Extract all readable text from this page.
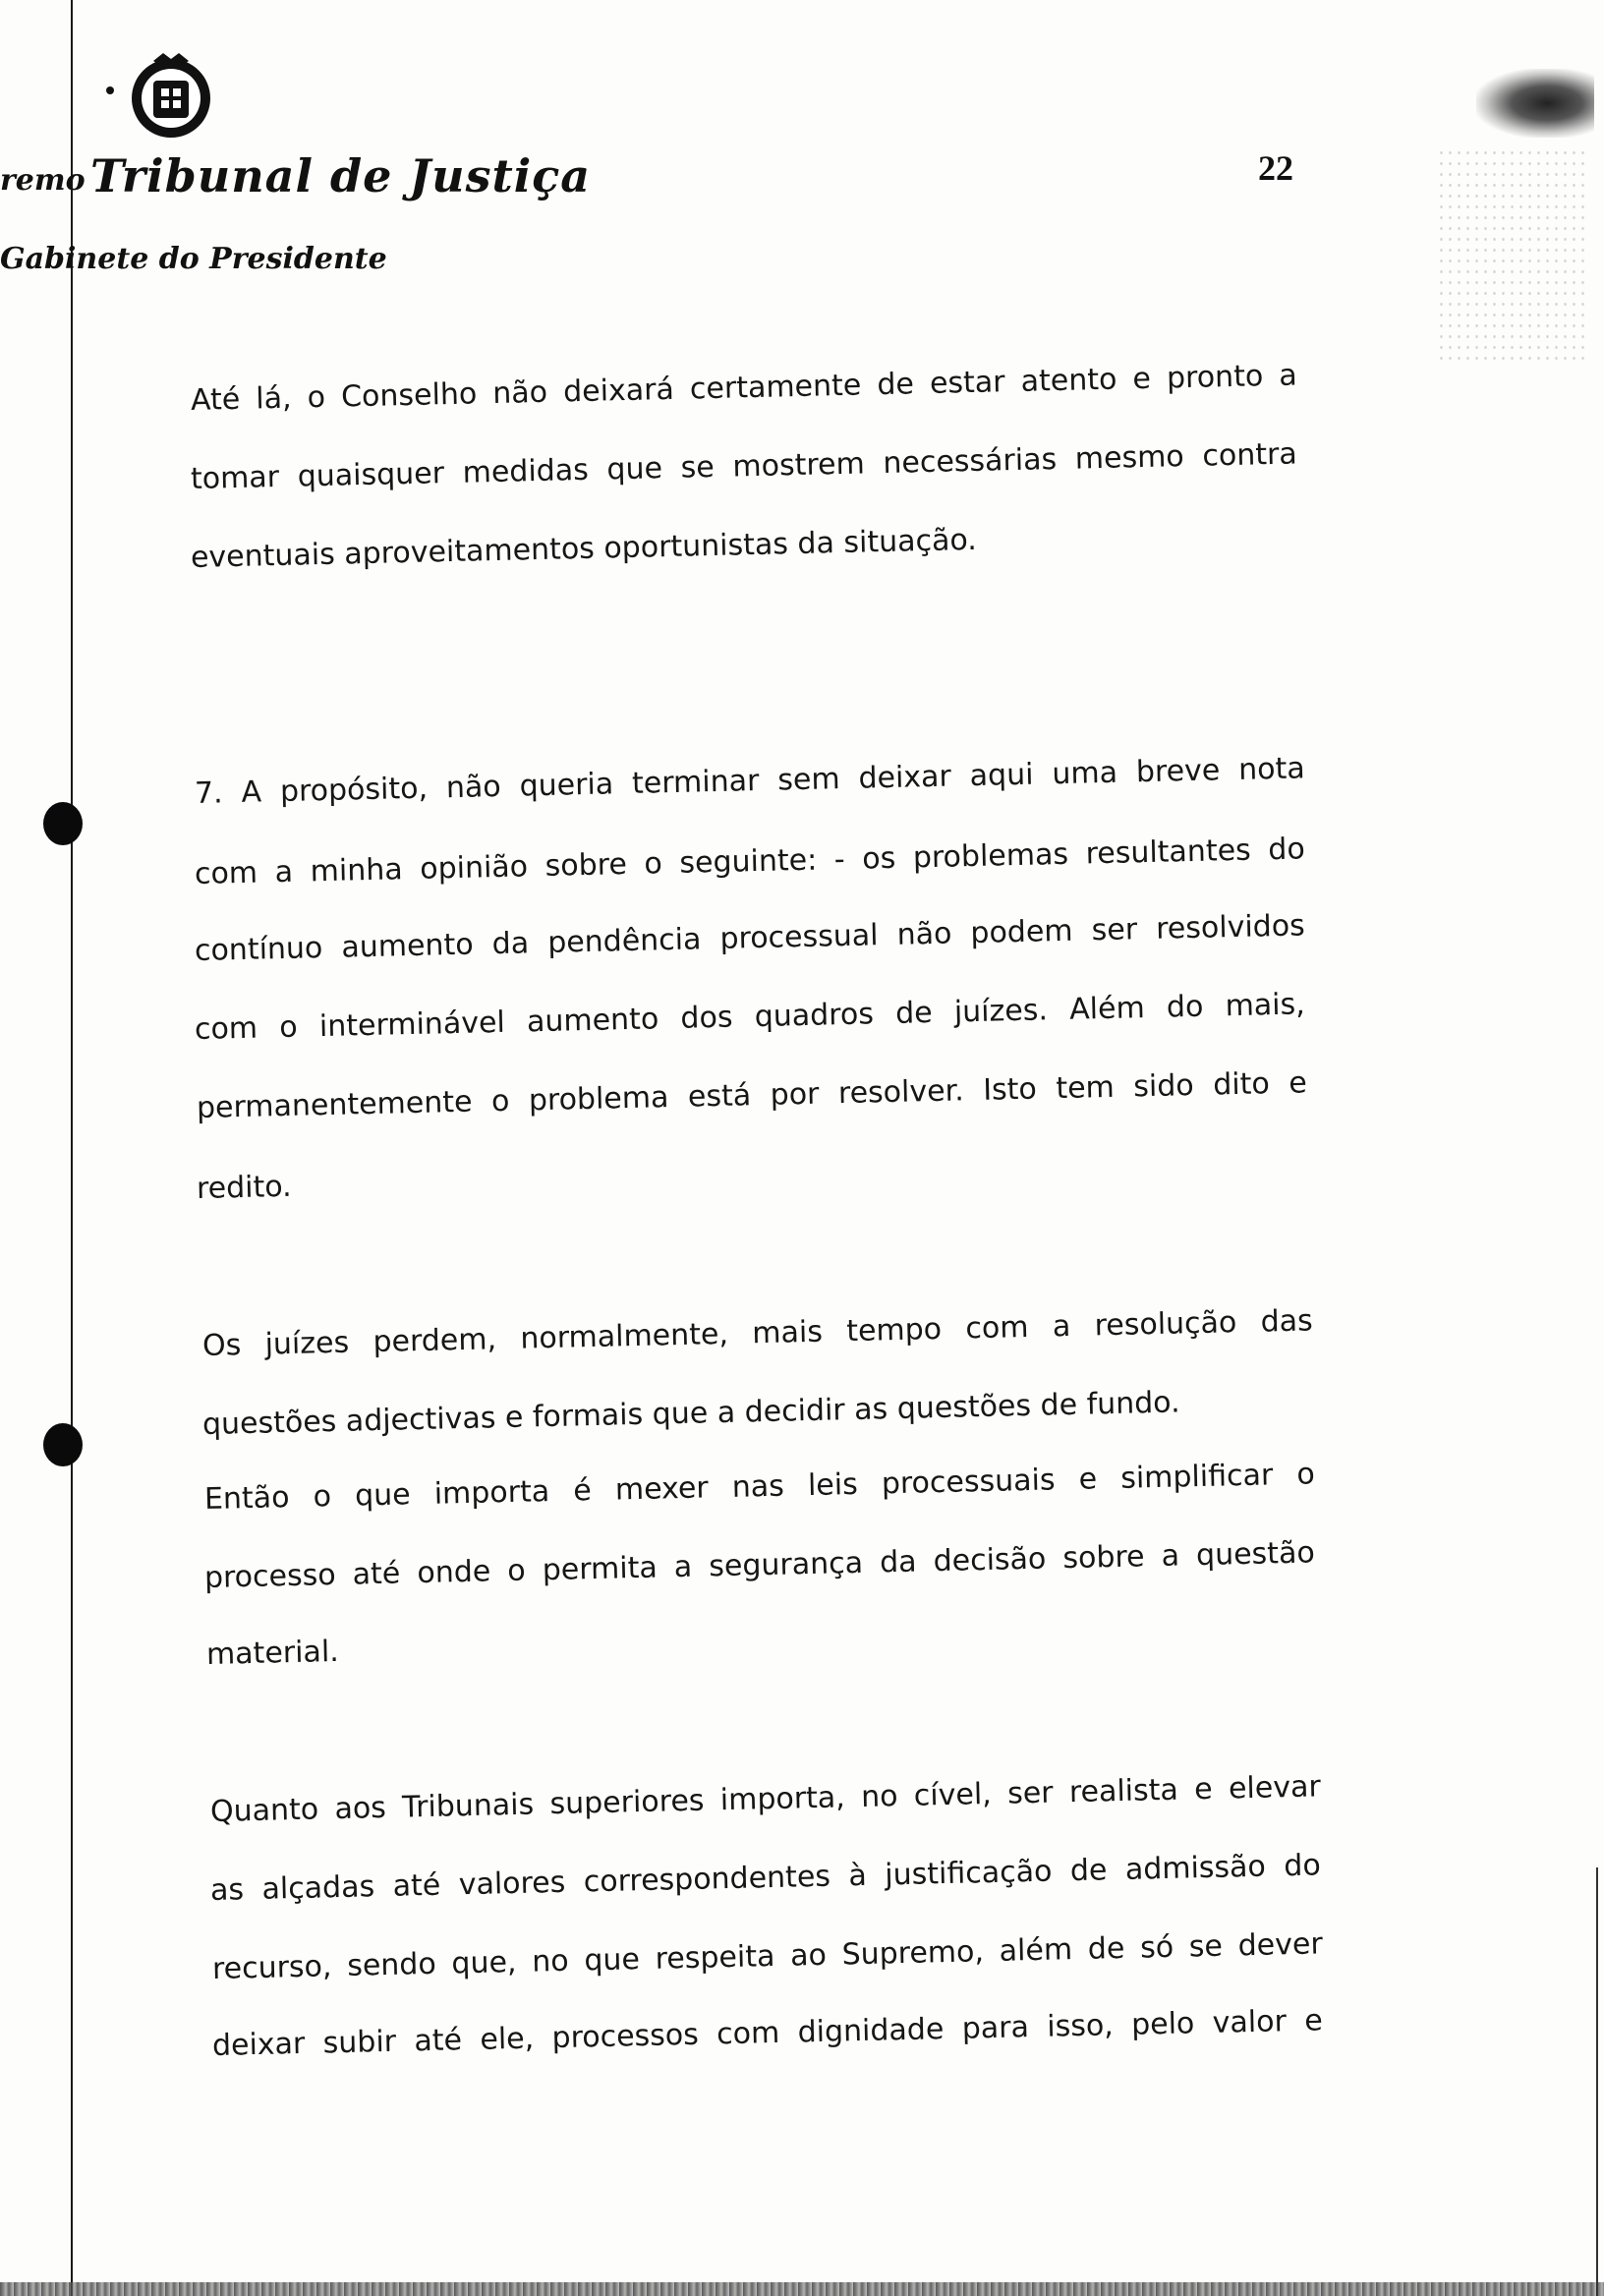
remo Tribunal de Justiça
Gabinete do Presidente
22
Até lá, o Conselho não deixará certamente de estar atento e pronto a
tomar quaisquer medidas que se mostrem necessárias mesmo contra
eventuais aproveitamentos oportunistas da situação.
7. A propósito, não queria terminar sem deixar aqui uma breve nota
com a minha opinião sobre o seguinte: - os problemas resultantes do
contínuo aumento da pendência processual não podem ser resolvidos
com o interminável aumento dos quadros de juízes. Além do mais,
permanentemente o problema está por resolver. Isto tem sido dito e
redito.
Os juízes perdem, normalmente, mais tempo com a resolução das
questões adjectivas e formais que a decidir as questões de fundo.
Então o que importa é mexer nas leis processuais e simplificar o
processo até onde o permita a segurança da decisão sobre a questão
material.
Quanto aos Tribunais superiores importa, no cível, ser realista e elevar
as alçadas até valores correspondentes à justificação de admissão do
recurso, sendo que, no que respeita ao Supremo, além de só se dever
deixar subir até ele, processos com dignidade para isso, pelo valor e
